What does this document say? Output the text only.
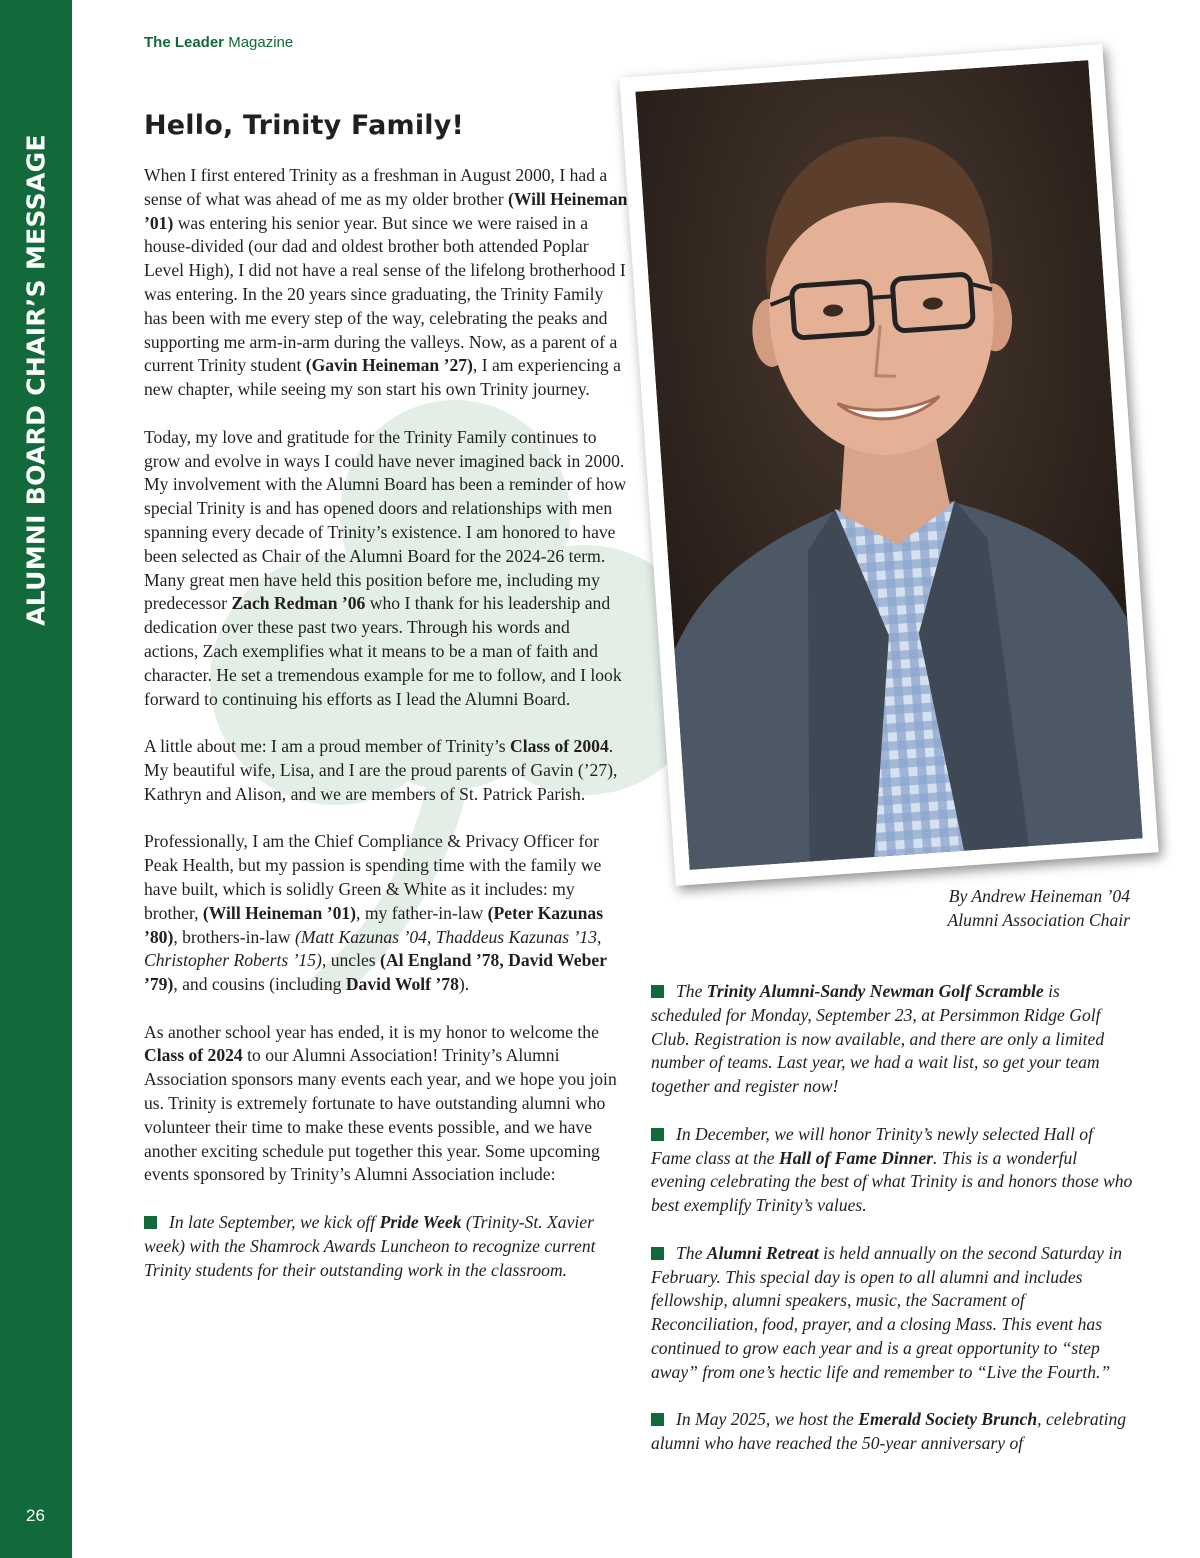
ALUMNI BOARD CHAIR’S MESSAGE
26
The Leader Magazine
Hello, Trinity Family!

When I first entered Trinity as a freshman in August 2000, I had a sense of what was ahead of me as my older brother (Will Heineman ’01) was entering his senior year. But since we were raised in a house-divided (our dad and oldest brother both attended Poplar Level High), I did not have a real sense of the lifelong brotherhood I was entering. In the 20 years since graduating, the Trinity Family has been with me every step of the way, celebrating the peaks and supporting me arm-in-arm during the valleys. Now, as a parent of a current Trinity student (Gavin Heineman ’27), I am experiencing a new chapter, while seeing my son start his own Trinity journey.

Today, my love and gratitude for the Trinity Family continues to grow and evolve in ways I could have never imagined back in 2000. My involvement with the Alumni Board has been a reminder of how special Trinity is and has opened doors and relationships with men spanning every decade of Trinity’s existence. I am honored to have been selected as Chair of the Alumni Board for the 2024-26 term. Many great men have held this position before me, including my predecessor Zach Redman ’06 who I thank for his leadership and dedication over these past two years. Through his words and actions, Zach exemplifies what it means to be a man of faith and character. He set a tremendous example for me to follow, and I look forward to continuing his efforts as I lead the Alumni Board.

A little about me: I am a proud member of Trinity’s Class of 2004. My beautiful wife, Lisa, and I are the proud parents of Gavin (’27), Kathryn and Alison, and we are members of St. Patrick Parish.

Professionally, I am the Chief Compliance & Privacy Officer for Peak Health, but my passion is spending time with the family we have built, which is solidly Green & White as it includes: my brother, (Will Heineman ’01), my father-in-law (Peter Kazunas ’80), brothers-in-law (Matt Kazunas ’04, Thaddeus Kazunas ’13, Christopher Roberts ’15), uncles (Al England ’78, David Weber ’79), and cousins (including David Wolf ’78).

As another school year has ended, it is my honor to welcome the Class of 2024 to our Alumni Association! Trinity’s Alumni Association sponsors many events each year, and we hope you join us. Trinity is extremely fortunate to have outstanding alumni who volunteer their time to make these events possible, and we have another exciting schedule put together this year. Some upcoming events sponsored by Trinity’s Alumni Association include:

In late September, we kick off Pride Week (Trinity-St. Xavier week) with the Shamrock Awards Luncheon to recognize current Trinity students for their outstanding work in the classroom.

By Andrew Heineman ’04
Alumni Association Chair

The Trinity Alumni-Sandy Newman Golf Scramble is scheduled for Monday, September 23, at Persimmon Ridge Golf Club. Registration is now available, and there are only a limited number of teams. Last year, we had a wait list, so get your team together and register now!

In December, we will honor Trinity’s newly selected Hall of Fame class at the Hall of Fame Dinner. This is a wonderful evening celebrating the best of what Trinity is and honors those who best exemplify Trinity’s values.

The Alumni Retreat is held annually on the second Saturday in February. This special day is open to all alumni and includes fellowship, alumni speakers, music, the Sacrament of Reconciliation, food, prayer, and a closing Mass. This event has continued to grow each year and is a great opportunity to “step away” from one’s hectic life and remember to “Live the Fourth.”

In May 2025, we host the Emerald Society Brunch, celebrating alumni who have reached the 50-year anniversary of
